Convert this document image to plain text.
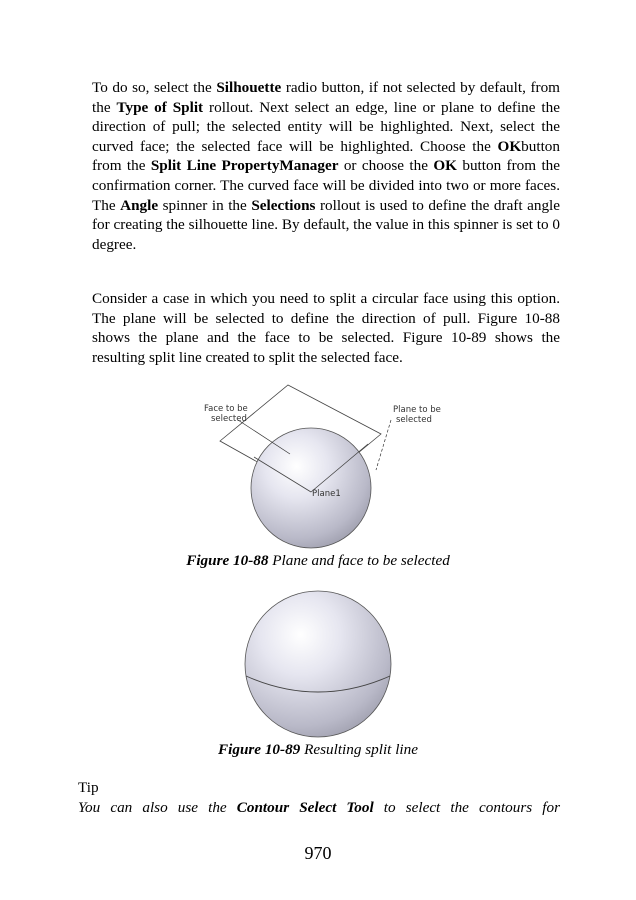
To do so, select the Silhouette radio button, if not selected by default, from the Type of Split rollout. Next select an edge, line or plane to define the direction of pull; the selected entity will be highlighted. Next, select the curved face; the selected face will be highlighted. Choose the OKbutton from the Split Line PropertyManager or choose the OK button from the confirmation corner. The curved face will be divided into two or more faces. The Angle spinner in the Selections rollout is used to define the draft angle for creating the silhouette line. By default, the value in this spinner is set to 0 degree.

Consider a case in which you need to split a circular face using this option. The plane will be selected to define the direction of pull. Figure 10-88 shows the plane and the face to be selected. Figure 10-89 shows the resulting split line created to split the selected face.

Face to be
selected
Plane to be
selected
Plane1

Figure 10-88 Plane and face to be selected

Figure 10-89 Resulting split line

Tip

You can also use the Contour Select Tool to select the contours for

970
